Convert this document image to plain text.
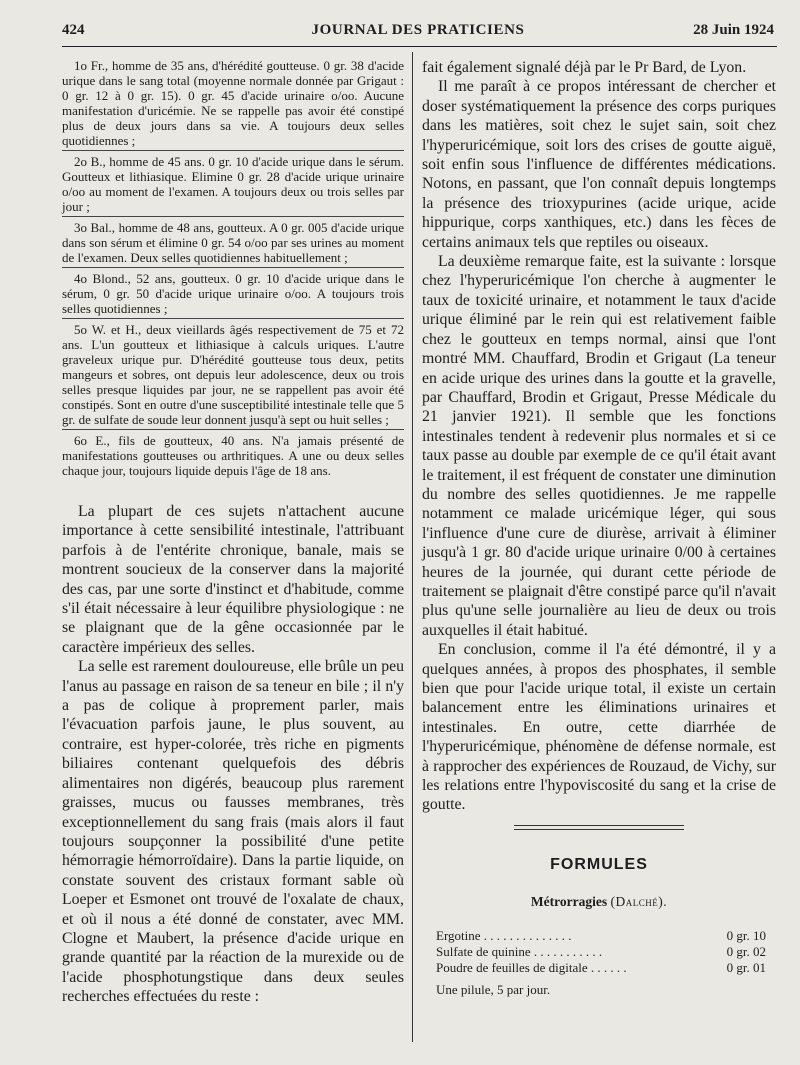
424	JOURNAL DES PRATICIENS	28 Juin 1924

1o Fr., homme de 35 ans, d'hérédité goutteuse. 0 gr. 38 d'acide urique dans le sang total (moyenne normale donnée par Grigaut : 0 gr. 12 à 0 gr. 15). 0 gr. 45 d'acide urinaire o/oo. Aucune manifestation d'uricémie. Ne se rappelle pas avoir été constipé plus de deux jours dans sa vie. A toujours deux selles quotidiennes ;

2o B., homme de 45 ans. 0 gr. 10 d'acide urique dans le sérum. Goutteux et lithiasique. Elimine 0 gr. 28 d'acide urique urinaire o/oo au moment de l'examen. A toujours deux ou trois selles par jour ;

3o Bal., homme de 48 ans, goutteux. A 0 gr. 005 d'acide urique dans son sérum et élimine 0 gr. 54 o/oo par ses urines au moment de l'examen. Deux selles quotidiennes habituellement ;

4o Blond., 52 ans, goutteux. 0 gr. 10 d'acide urique dans le sérum, 0 gr. 50 d'acide urique urinaire o/oo. A toujours trois selles quotidiennes ;

5o W. et H., deux vieillards âgés respectivement de 75 et 72 ans. L'un goutteux et lithiasique à calculs uriques. L'autre graveleux urique pur. D'hérédité goutteuse tous deux, petits mangeurs et sobres, ont depuis leur adolescence, deux ou trois selles presque liquides par jour, ne se rappellent pas avoir été constipés. Sont en outre d'une susceptibilité intestinale telle que 5 gr. de sulfate de soude leur donnent jusqu'à sept ou huit selles ;

6o E., fils de goutteux, 40 ans. N'a jamais présenté de manifestations goutteuses ou arthritiques. A une ou deux selles chaque jour, toujours liquide depuis l'âge de 18 ans.

La plupart de ces sujets n'attachent aucune importance à cette sensibilité intestinale, l'attribuant parfois à de l'entérite chronique, banale, mais se montrent soucieux de la conserver dans la majorité des cas, par une sorte d'instinct et d'habitude, comme s'il était nécessaire à leur équilibre physiologique : ne se plaignant que de la gêne occasionnée par le caractère impérieux des selles.

La selle est rarement douloureuse, elle brûle un peu l'anus au passage en raison de sa teneur en bile ; il n'y a pas de colique à proprement parler, mais l'évacuation parfois jaune, le plus souvent, au contraire, est hyper-colorée, très riche en pigments biliaires contenant quelquefois des débris alimentaires non digérés, beaucoup plus rarement graisses, mucus ou fausses membranes, très exceptionnellement du sang frais (mais alors il faut toujours soupçonner la possibilité d'une petite hémorragie hémorroïdaire). Dans la partie liquide, on constate souvent des cristaux formant sable où Loeper et Esmonet ont trouvé de l'oxalate de chaux, et où il nous a été donné de constater, avec MM. Clogne et Maubert, la présence d'acide urique en grande quantité par la réaction de la murexide ou de l'acide phosphotungstique dans deux seules recherches effectuées du reste :

fait également signalé déjà par le Pr Bard, de Lyon.

Il me paraît à ce propos intéressant de chercher et doser systématiquement la présence des corps puriques dans les matières, soit chez le sujet sain, soit chez l'hyperuricémique, soit lors des crises de goutte aiguë, soit enfin sous l'influence de différentes médications. Notons, en passant, que l'on connaît depuis longtemps la présence des trioxypurines (acide urique, acide hippurique, corps xanthiques, etc.) dans les fèces de certains animaux tels que reptiles ou oiseaux.

La deuxième remarque faite, est la suivante : lorsque chez l'hyperuricémique l'on cherche à augmenter le taux de toxicité urinaire, et notamment le taux d'acide urique éliminé par le rein qui est relativement faible chez le goutteux en temps normal, ainsi que l'ont montré MM. Chauffard, Brodin et Grigaut (La teneur en acide urique des urines dans la goutte et la gravelle, par Chauffard, Brodin et Grigaut, Presse Médicale du 21 janvier 1921). Il semble que les fonctions intestinales tendent à redevenir plus normales et si ce taux passe au double par exemple de ce qu'il était avant le traitement, il est fréquent de constater une diminution du nombre des selles quotidiennes. Je me rappelle notamment ce malade uricémique léger, qui sous l'influence d'une cure de diurèse, arrivait à éliminer jusqu'à 1 gr. 80 d'acide urique urinaire 0/00 à certaines heures de la journée, qui durant cette période de traitement se plaignait d'être constipé parce qu'il n'avait plus qu'une selle journalière au lieu de deux ou trois auxquelles il était habitué.

En conclusion, comme il l'a été démontré, il y a quelques années, à propos des phosphates, il semble bien que pour l'acide urique total, il existe un certain balancement entre les éliminations urinaires et intestinales. En outre, cette diarrhée de l'hyperuricémique, phénomène de défense normale, est à rapprocher des expériences de Rouzaud, de Vichy, sur les relations entre l'hypoviscosité du sang et la crise de goutte.

FORMULES
Métrorragies (Dalché).
Ergotine . . . . . . . . . . . . . .	0 gr. 10
Sulfate de quinine . . . . . . . . . . .	0 gr. 02
Poudre de feuilles de digitale . . . . . .	0 gr. 01
Une pilule, 5 par jour.
